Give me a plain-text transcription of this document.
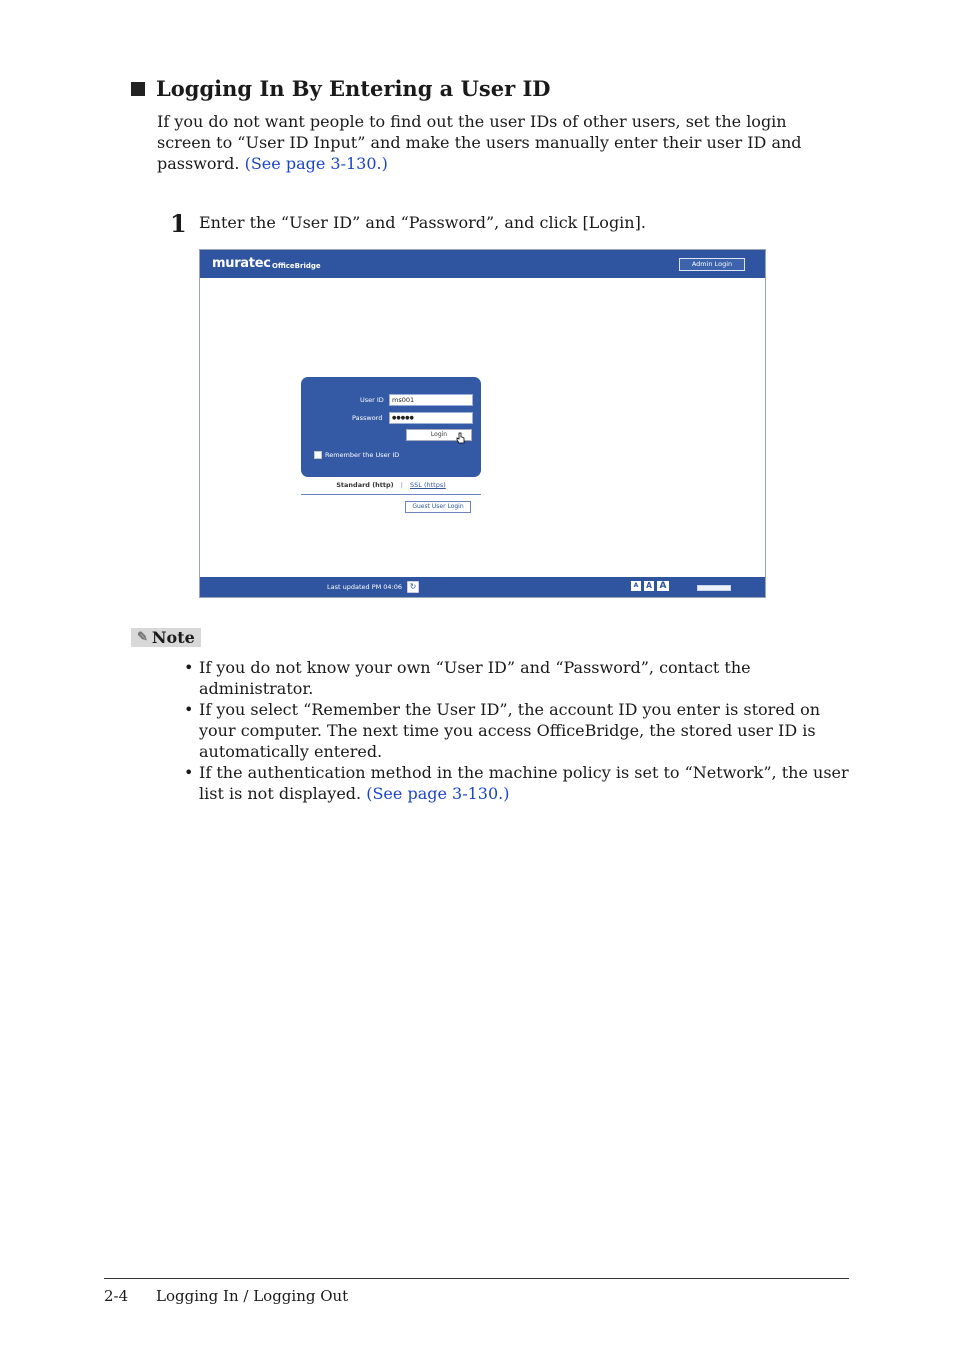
Logging In By Entering a User ID
If you do not want people to find out the user IDs of other users, set the login screen to “User ID Input” and make the users manually enter their user ID and password. (See page 3-130.)
1 Enter the “User ID” and “Password”, and click [Login].
muratec OfficeBridge	Admin Login
User ID	ms001
Password	●●●●●
Login
Remember the User ID
Standard (http) | SSL (https)
Guest User Login
Last updated PM 04:06 ↻	A	A A
✎ Note
• If you do not know your own “User ID” and “Password”, contact the administrator.
• If you select “Remember the User ID”, the account ID you enter is stored on your computer. The next time you access OfficeBridge, the stored user ID is automatically entered.
• If the authentication method in the machine policy is set to “Network”, the user list is not displayed. (See page 3-130.)
2-4 Logging In / Logging Out
